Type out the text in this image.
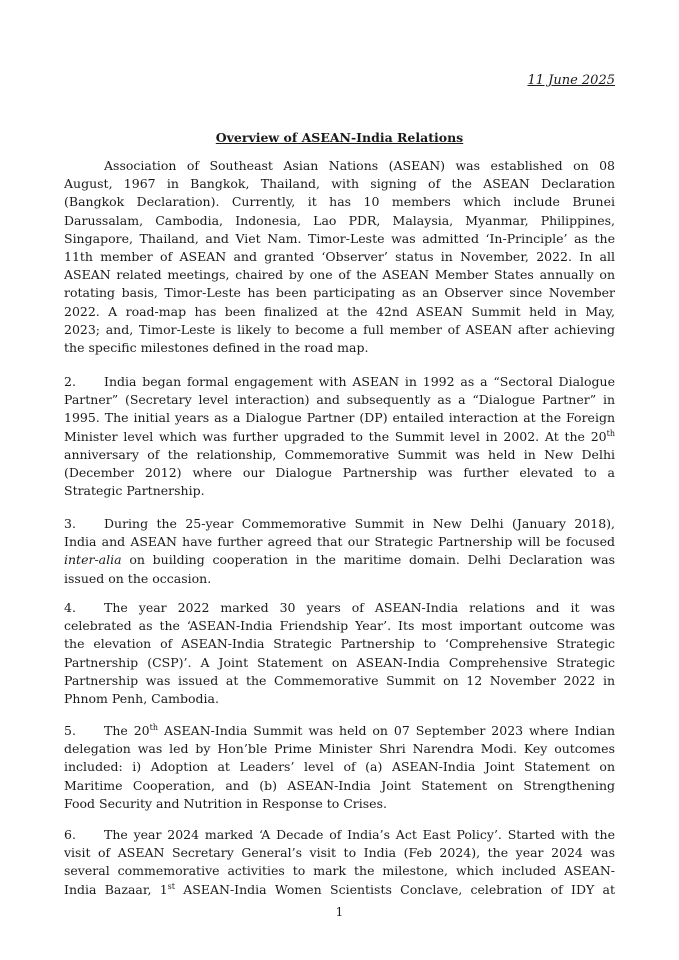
11 June 2025
Overview of ASEAN-India Relations
Association of Southeast Asian Nations (ASEAN) was established on 08
August, 1967 in Bangkok, Thailand, with signing of the ASEAN Declaration
(Bangkok Declaration). Currently, it has 10 members which include Brunei
Darussalam, Cambodia, Indonesia, Lao PDR, Malaysia, Myanmar, Philippines,
Singapore, Thailand, and Viet Nam. Timor-Leste was admitted ‘In-Principle’ as the
11th member of ASEAN and granted ‘Observer’ status in November, 2022. In all
ASEAN related meetings, chaired by one of the ASEAN Member States annually on
rotating basis, Timor-Leste has been participating as an Observer since November
2022. A road-map has been finalized at the 42nd ASEAN Summit held in May,
2023; and, Timor-Leste is likely to become a full member of ASEAN after achieving
the specific milestones defined in the road map.
2. India began formal engagement with ASEAN in 1992 as a “Sectoral Dialogue
Partner” (Secretary level interaction) and subsequently as a “Dialogue Partner” in
1995. The initial years as a Dialogue Partner (DP) entailed interaction at the Foreign
Minister level which was further upgraded to the Summit level in 2002. At the 20th
anniversary of the relationship, Commemorative Summit was held in New Delhi
(December 2012) where our Dialogue Partnership was further elevated to a
Strategic Partnership.
3. During the 25-year Commemorative Summit in New Delhi (January 2018),
India and ASEAN have further agreed that our Strategic Partnership will be focused
inter-alia on building cooperation in the maritime domain. Delhi Declaration was
issued on the occasion.
4. The year 2022 marked 30 years of ASEAN-India relations and it was
celebrated as the ‘ASEAN-India Friendship Year’. Its most important outcome was
the elevation of ASEAN-India Strategic Partnership to ‘Comprehensive Strategic
Partnership (CSP)’. A Joint Statement on ASEAN-India Comprehensive Strategic
Partnership was issued at the Commemorative Summit on 12 November 2022 in
Phnom Penh, Cambodia.
5. The 20th ASEAN-India Summit was held on 07 September 2023 where Indian
delegation was led by Hon’ble Prime Minister Shri Narendra Modi. Key outcomes
included: i) Adoption at Leaders’ level of (a) ASEAN-India Joint Statement on
Maritime Cooperation, and (b) ASEAN-India Joint Statement on Strengthening
Food Security and Nutrition in Response to Crises.
6. The year 2024 marked ‘A Decade of India’s Act East Policy’. Started with the
visit of ASEAN Secretary General’s visit to India (Feb 2024), the year 2024 was
several commemorative activities to mark the milestone, which included ASEAN-
India Bazaar, 1st ASEAN-India Women Scientists Conclave, celebration of IDY at
1
